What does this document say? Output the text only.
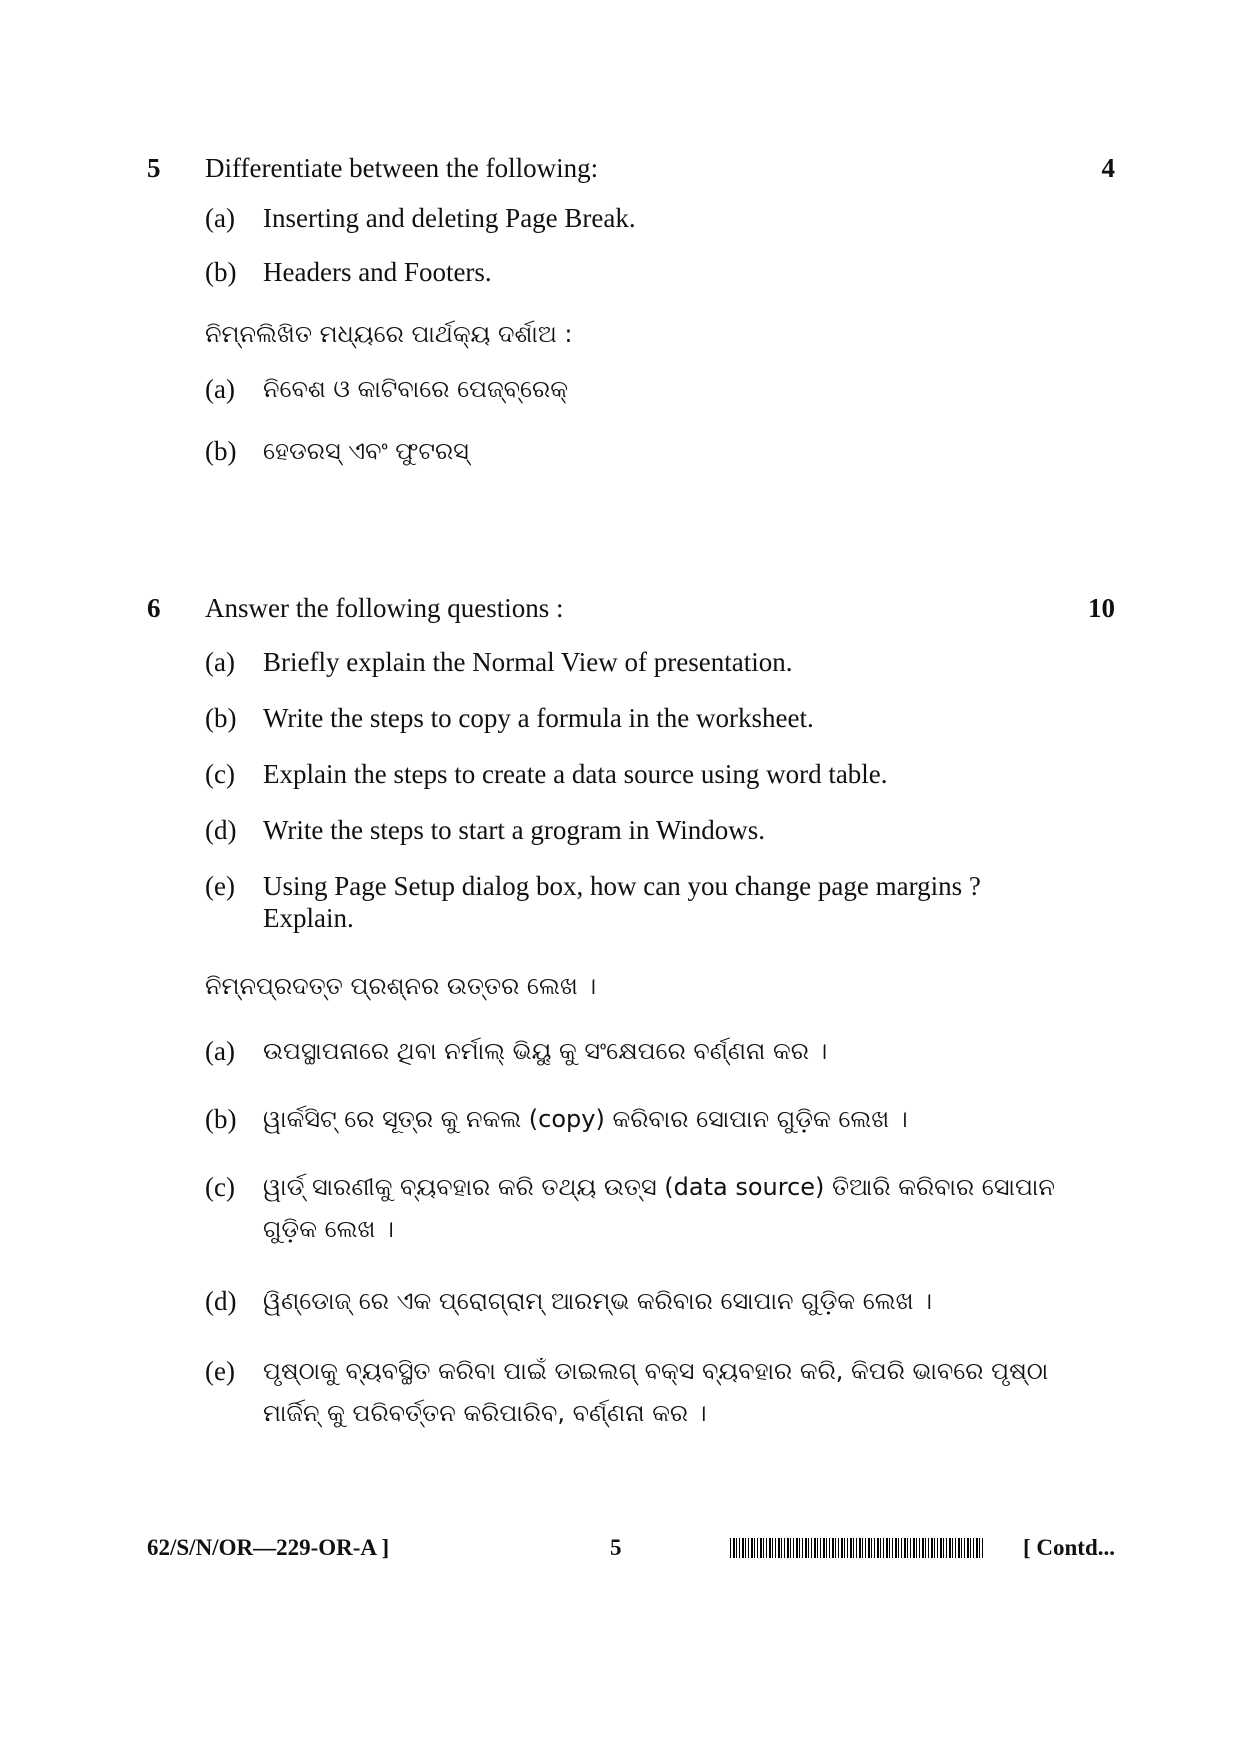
5 Differentiate between the following:	4
(a)	Inserting and deleting Page Break.
(b) Headers and Footers.
ନିମ୍ନଲିଖିତ ମଧ୍ୟରେ ପାର୍ଥକ୍ୟ ଦର୍ଶାଅ :
(a)	ନିବେଶ ଓ କାଟିବାରେ ପେଜ୍‌ବ୍ରେକ୍
(b)	ହେଡରସ୍ ଏବଂ ଫୁଟରସ୍
6 Answer the following questions :	10
(a)	Briefly explain the Normal View of presentation.
(b) Write the steps to copy a formula in the worksheet.
(c)	Explain the steps to create a data source using word table.
(d) Write the steps to start a grogram in Windows.
(e)	Using Page Setup dialog box, how can you change page margins ? Explain.
ନିମ୍ନପ୍ରଦତ୍ତ ପ୍ରଶ୍ନର ଉତ୍ତର ଲେଖ ।
(a)	ଉପସ୍ଥାପନାରେ ଥିବା ନର୍ମାଲ୍ ଭିୟୁ କୁ ସଂକ୍ଷେପରେ ବର୍ଣ୍ଣନା କର ।
(b)	ୱାର୍କସିଟ୍ ରେ ସୂତ୍ର କୁ ନକଲ (copy) କରିବାର ସୋପାନ ଗୁଡ଼ିକ ଲେଖ ।
(c)	ୱାର୍ଡ୍ ସାରଣୀକୁ ବ୍ୟବହାର କରି ତଥ୍ୟ ଉତ୍ସ (data source) ତିଆରି କରିବାର ସୋପାନ ଗୁଡ଼ିକ ଲେଖ ।
(d)	ୱିଣ୍ଡୋଜ୍ ରେ ଏକ ପ୍ରୋଗ୍ରାମ୍ ଆରମ୍ଭ କରିବାର ସୋପାନ ଗୁଡ଼ିକ ଲେଖ ।
(e)	ପୃଷ୍ଠାକୁ ବ୍ୟବସ୍ଥିତ କରିବା ପାଇଁ ଡାଇଲଗ୍ ବକ୍ସ ବ୍ୟବହାର କରି, କିପରି ଭାବରେ ପୃଷ୍ଠା ମାର୍ଜିନ୍ କୁ ପରିବର୍ତ୍ତନ କରିପାରିବ, ବର୍ଣ୍ଣନା କର ।
62/S/N/OR—229-OR-A ]	5	[ Contd...
